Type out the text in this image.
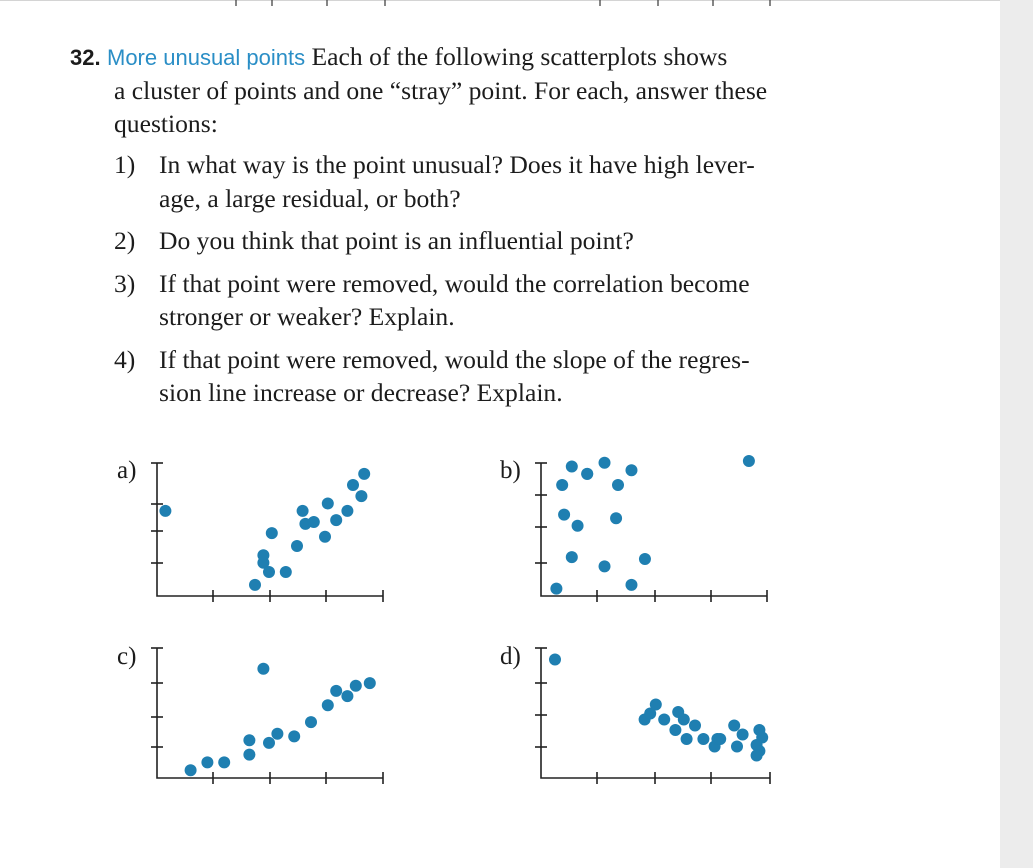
32. More unusual points Each of the following scatterplots shows
a cluster of points and one “stray” point. For each, answer these
questions:

1) In what way is the point unusual? Does it have high lever-
age, a large residual, or both?
2) Do you think that point is an influential point?
3) If that point were removed, would the correlation become
stronger or weaker? Explain.
4) If that point were removed, would the slope of the regres-
sion line increase or decrease? Explain.
a)	b)
c)	d)
